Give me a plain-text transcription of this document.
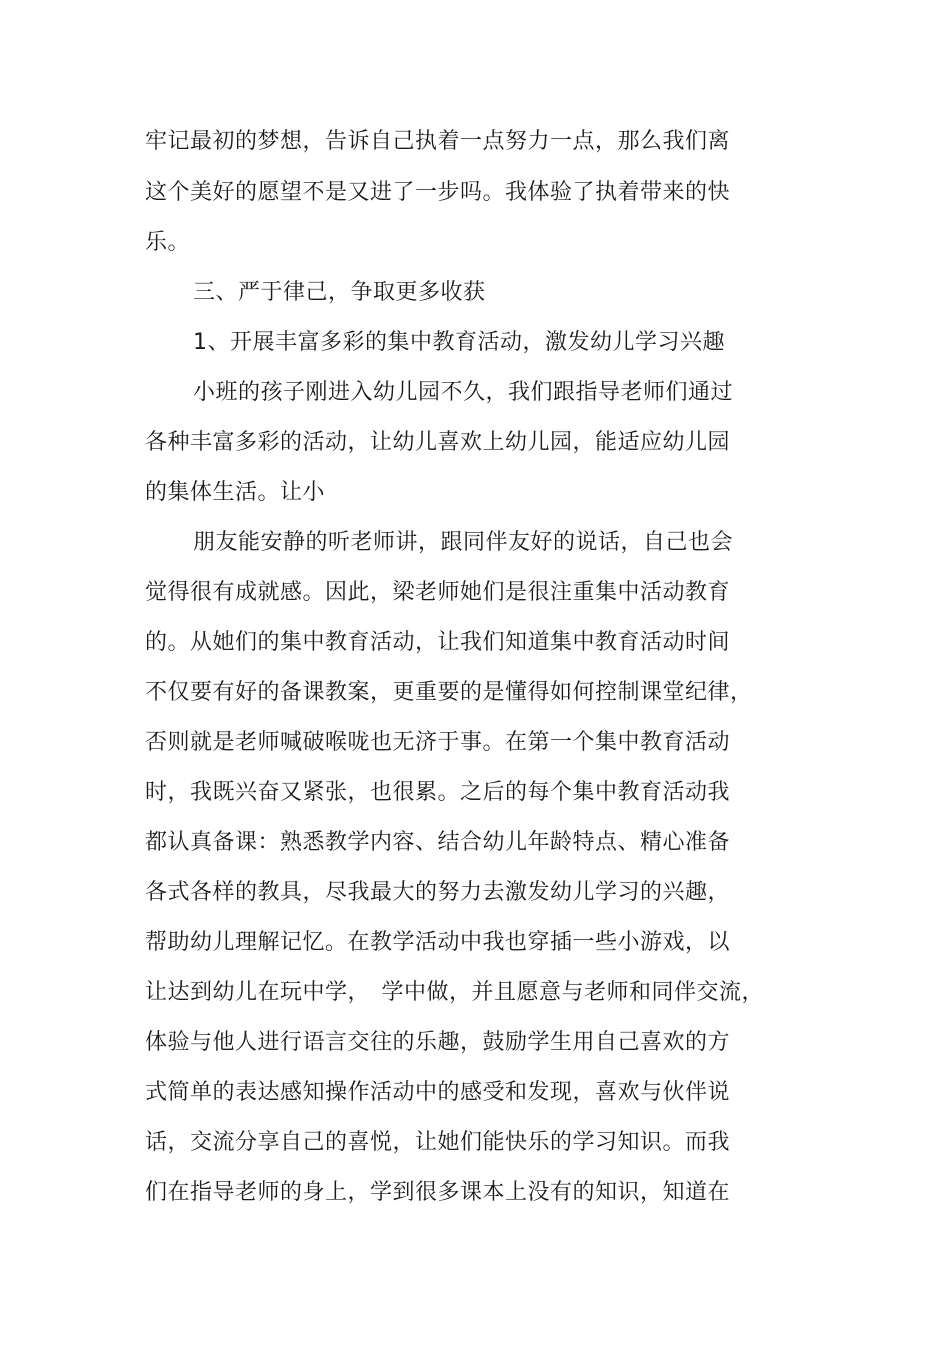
牢记最初的梦想，告诉自己执着一点努力一点，那么我们离
这个美好的愿望不是又进了一步吗。我体验了执着带来的快
乐。
三、严于律己，争取更多收获
1、开展丰富多彩的集中教育活动，激发幼儿学习兴趣
小班的孩子刚进入幼儿园不久，我们跟指导老师们通过
各种丰富多彩的活动，让幼儿喜欢上幼儿园，能适应幼儿园
的集体生活。让小
朋友能安静的听老师讲，跟同伴友好的说话，自己也会
觉得很有成就感。因此，梁老师她们是很注重集中活动教育
的。从她们的集中教育活动，让我们知道集中教育活动时间
不仅要有好的备课教案，更重要的是懂得如何控制课堂纪律，
否则就是老师喊破喉咙也无济于事。在第一个集中教育活动
时，我既兴奋又紧张，也很累。之后的每个集中教育活动我
都认真备课：熟悉教学内容、结合幼儿年龄特点、精心准备
各式各样的教具，尽我最大的努力去激发幼儿学习的兴趣，
帮助幼儿理解记忆。在教学活动中我也穿插一些小游戏，以
让达到幼儿在玩中学，　学中做，并且愿意与老师和同伴交流，
体验与他人进行语言交往的乐趣，鼓励学生用自己喜欢的方
式简单的表达感知操作活动中的感受和发现，喜欢与伙伴说
话，交流分享自己的喜悦，让她们能快乐的学习知识。而我
们在指导老师的身上，学到很多课本上没有的知识，知道在
